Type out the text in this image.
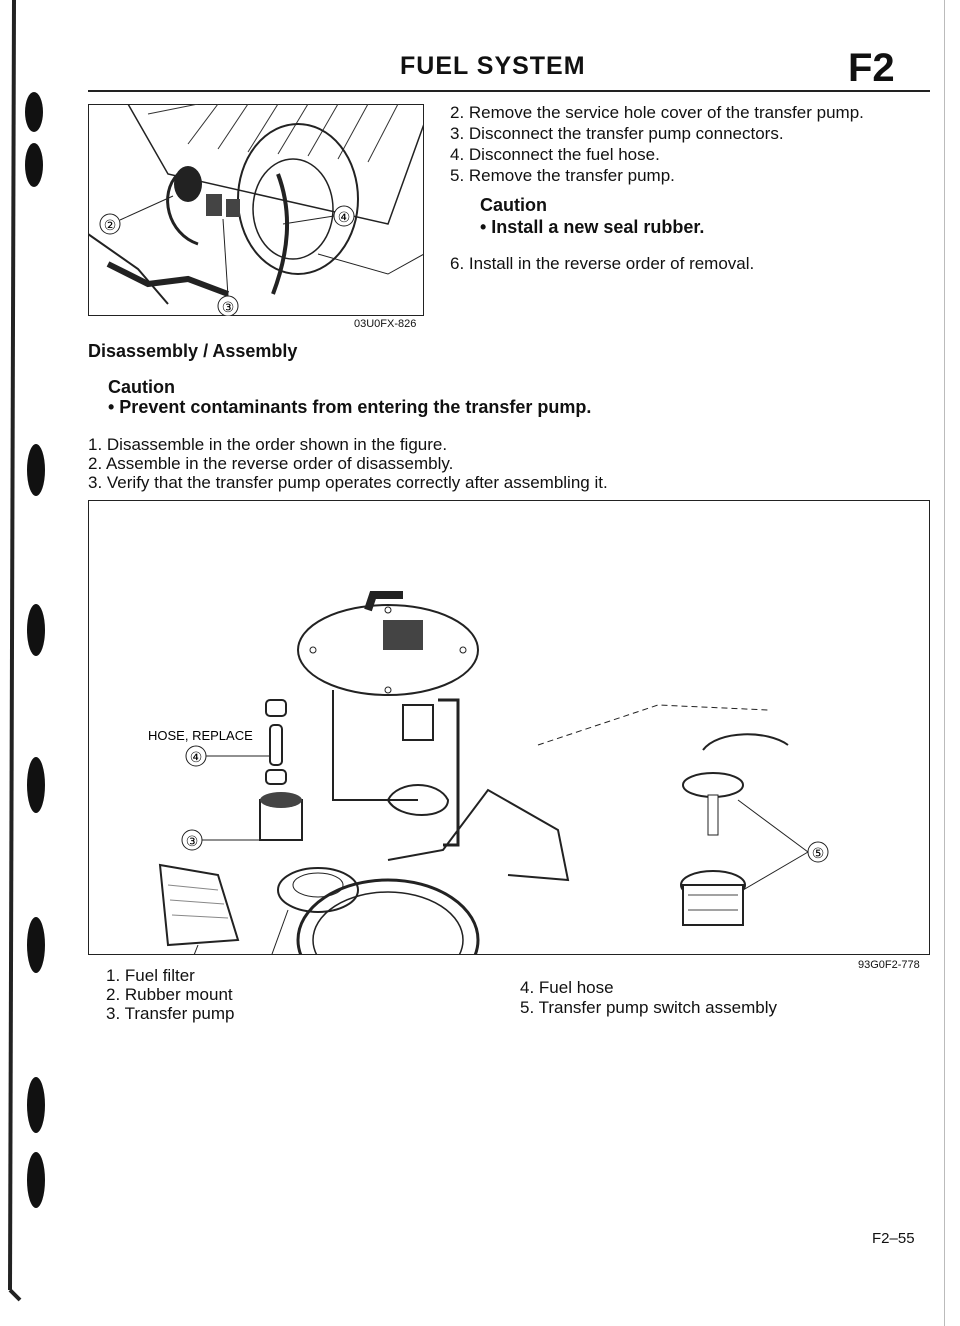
FUEL SYSTEM	F2
②
③
④
03U0FX-826
2. Remove the service hole cover of the transfer pump.
3. Disconnect the transfer pump connectors.
4. Disconnect the fuel hose.
5. Remove the transfer pump.
Caution
• Install a new seal rubber.
6. Install in the reverse order of removal.
Disassembly / Assembly
Caution
• Prevent contaminants from entering the transfer pump.
1. Disassemble in the order shown in the figure.
2. Assemble in the reverse order of disassembly.
3. Verify that the transfer pump operates correctly after assembling it.
HOSE, REPLACE
④
③
⑤
93G0F2-778
1. Fuel filter
2. Rubber mount
3. Transfer pump
4. Fuel hose
5. Transfer pump switch assembly
F2–55
